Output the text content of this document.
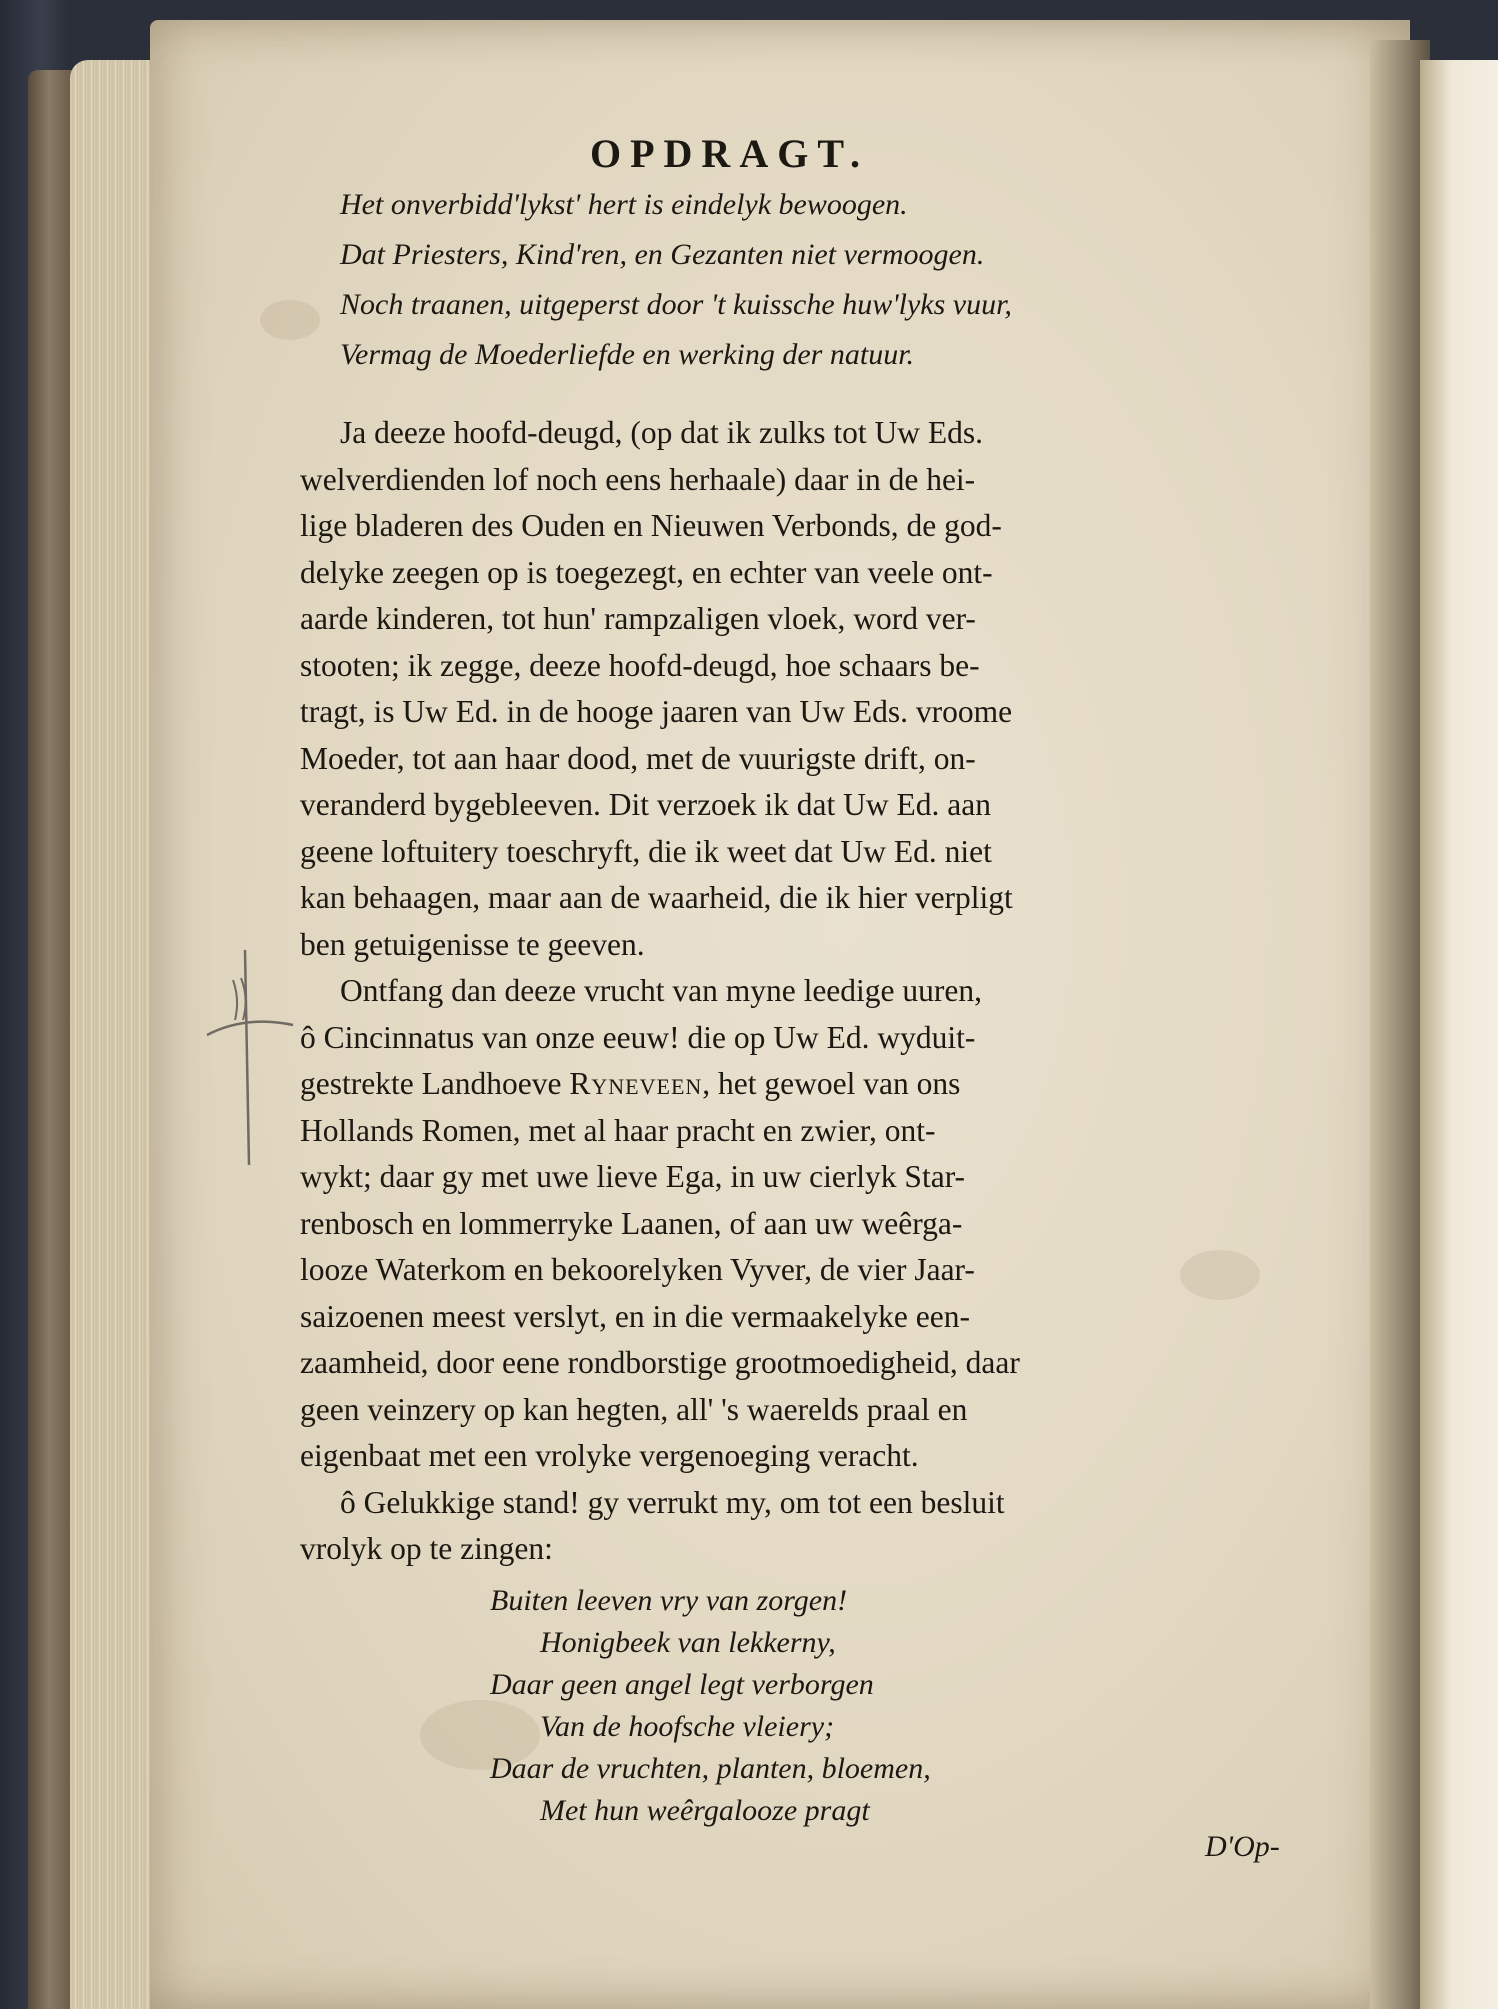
OPDRAGT.
Het onverbidd'lykst' hert is eindelyk bewoogen.
Dat Priesters, Kind'ren, en Gezanten niet vermoogen.
Noch traanen, uitgeperst door 't kuissche huw'lyks vuur,
Vermag de Moederliefde en werking der natuur.
Ja deeze hoofd-deugd, (op dat ik zulks tot Uw Eds.
welverdienden lof noch eens herhaale) daar in de hei-
lige bladeren des Ouden en Nieuwen Verbonds, de god-
delyke zeegen op is toegezegt, en echter van veele ont-
aarde kinderen, tot hun' rampzaligen vloek, word ver-
stooten; ik zegge, deeze hoofd-deugd, hoe schaars be-
tragt, is Uw Ed. in de hooge jaaren van Uw Eds. vroome
Moeder, tot aan haar dood, met de vuurigste drift, on-
veranderd bygebleeven. Dit verzoek ik dat Uw Ed. aan
geene loftuitery toeschryft, die ik weet dat Uw Ed. niet
kan behaagen, maar aan de waarheid, die ik hier verpligt
ben getuigenisse te geeven.
Ontfang dan deeze vrucht van myne leedige uuren,
ô Cincinnatus van onze eeuw! die op Uw Ed. wyduit-
gestrekte Landhoeve Ryneveen, het gewoel van ons
Hollands Romen, met al haar pracht en zwier, ont-
wykt; daar gy met uwe lieve Ega, in uw cierlyk Star-
renbosch en lommerryke Laanen, of aan uw weêrga-
looze Waterkom en bekoorelyken Vyver, de vier Jaar-
saizoenen meest verslyt, en in die vermaakelyke een-
zaamheid, door eene rondborstige grootmoedigheid, daar
geen veinzery op kan hegten, all' 's waerelds praal en
eigenbaat met een vrolyke vergenoeging veracht.
ô Gelukkige stand! gy verrukt my, om tot een besluit
vrolyk op te zingen:
Buiten leeven vry van zorgen!
Honigbeek van lekkerny,
Daar geen angel legt verborgen
Van de hoofsche vleiery;
Daar de vruchten, planten, bloemen,
Met hun weêrgalooze pragt
D'Op-
